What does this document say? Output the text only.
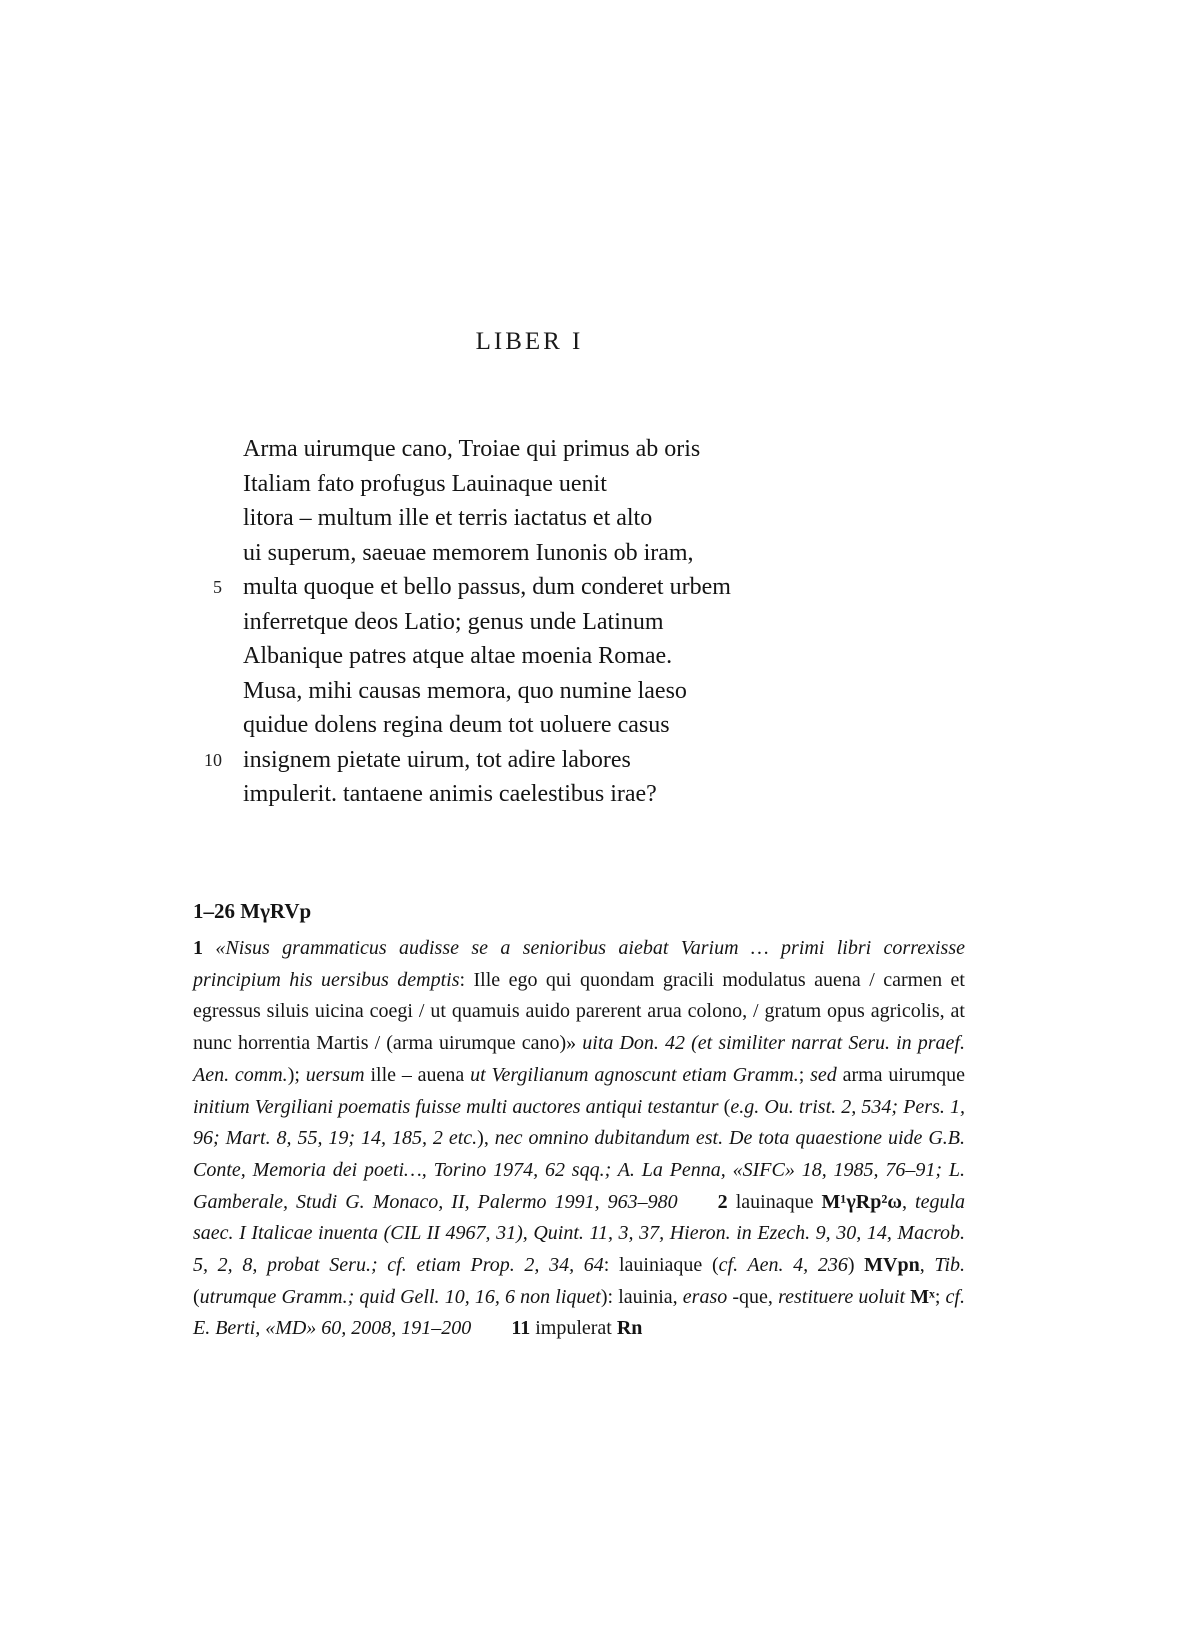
LIBER I
Arma uirumque cano, Troiae qui primus ab oris
Italiam fato profugus Lauinaque uenit
litora – multum ille et terris iactatus et alto
ui superum, saeuae memorem Iunonis ob iram,
5 multa quoque et bello passus, dum conderet urbem
inferretque deos Latio; genus unde Latinum
Albanique patres atque altae moenia Romae.
Musa, mihi causas memora, quo numine laeso
quidue dolens regina deum tot uoluere casus
10 insignem pietate uirum, tot adire labores
impulerit. tantaene animis caelestibus irae?
1–26 MγRVp
1 «Nisus grammaticus audisse se a senioribus aiebat Varium … primi libri correxisse principium his uersibus demptis: Ille ego qui quondam gracili modulatus auena / carmen et egressus siluis uicina coegi / ut quamuis auido parerent arua colono, / gratum opus agricolis, at nunc horrentia Martis / (arma uirumque cano)» uita Don. 42 (et similiter narrat Seru. in praef. Aen. comm.); uersum ille – auena ut Vergilianum agnoscunt etiam Gramm.; sed arma uirumque initium Vergiliani poematis fuisse multi auctores antiqui testantur (e.g. Ou. trist. 2, 534; Pers. 1, 96; Mart. 8, 55, 19; 14, 185, 2 etc.), nec omnino dubitandum est. De tota quaestione uide G.B. Conte, Memoria dei poeti…, Torino 1974, 62 sqq.; A. La Penna, «SIFC» 18, 1985, 76–91; L. Gamberale, Studi G. Monaco, II, Palermo 1991, 963–980 2 lauinaque M¹γRp²ω, tegula saec. I Italicae inuenta (CIL II 4967, 31), Quint. 11, 3, 37, Hieron. in Ezech. 9, 30, 14, Macrob. 5, 2, 8, probat Seru.; cf. etiam Prop. 2, 34, 64: lauiniaque (cf. Aen. 4, 236) MVpn, Tib. (utrumque Gramm.; quid Gell. 10, 16, 6 non liquet): lauinia, eraso -que, restituere uoluit Mˣ; cf. E. Berti, «MD» 60, 2008, 191–200 11 impulerat Rn
